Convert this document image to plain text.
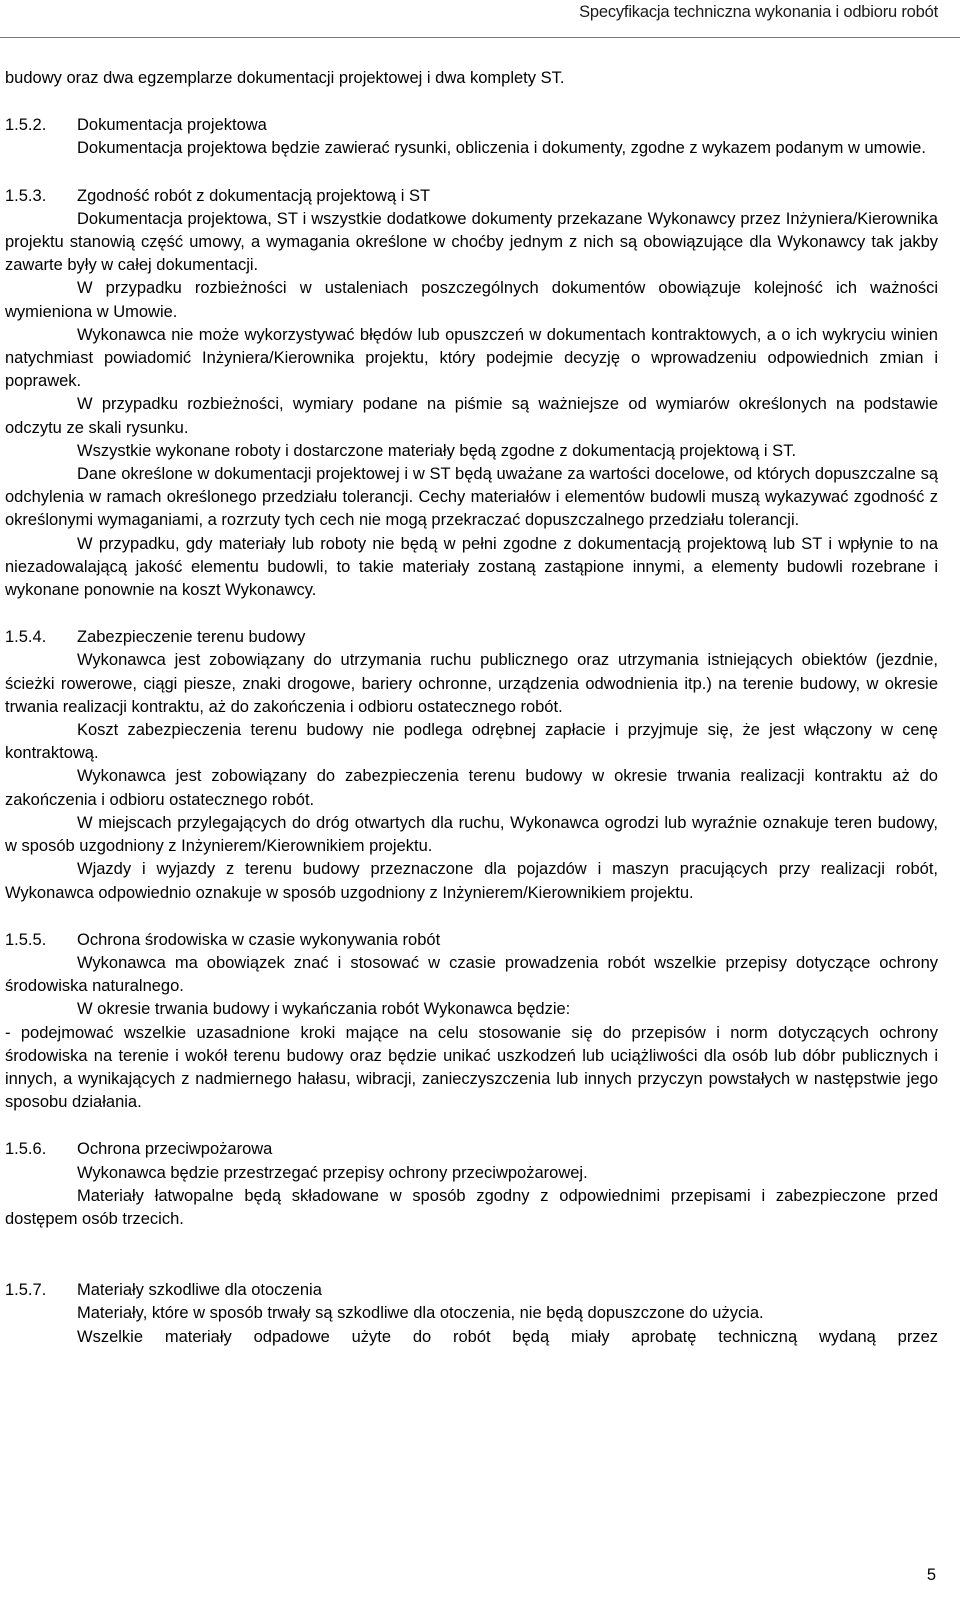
Specyfikacja techniczna wykonania i odbioru robót

budowy oraz dwa egzemplarze dokumentacji projektowej i dwa komplety ST.

1.5.2.	Dokumentacja projektowa

Dokumentacja projektowa będzie zawierać rysunki, obliczenia i dokumenty, zgodne z wykazem podanym w umowie.

1.5.3.	Zgodność robót z dokumentacją projektową i ST

Dokumentacja projektowa, ST i wszystkie dodatkowe dokumenty przekazane Wykonawcy przez Inżyniera/Kierownika projektu stanowią część umowy, a wymagania określone w choćby jednym z nich są obowiązujące dla Wykonawcy tak jakby zawarte były w całej dokumentacji.

W przypadku rozbieżności w ustaleniach poszczególnych dokumentów obowiązuje kolejność ich ważności wymieniona w Umowie.

Wykonawca nie może wykorzystywać błędów lub opuszczeń w dokumentach kontraktowych, a o ich wykryciu winien natychmiast powiadomić Inżyniera/Kierownika projektu, który podejmie decyzję o wprowadzeniu odpowiednich zmian i poprawek.

W przypadku rozbieżności, wymiary podane na piśmie są ważniejsze od wymiarów określonych na podstawie odczytu ze skali rysunku.

Wszystkie wykonane roboty i dostarczone materiały będą zgodne z dokumentacją projektową i ST.

Dane określone w dokumentacji projektowej i w ST będą uważane za wartości docelowe, od których dopuszczalne są odchylenia w ramach określonego przedziału tolerancji. Cechy materiałów i elementów budowli muszą wykazywać zgodność z określonymi wymaganiami, a rozrzuty tych cech nie mogą przekraczać dopuszczalnego przedziału tolerancji.

W przypadku, gdy materiały lub roboty nie będą w pełni zgodne z dokumentacją projektową lub ST i wpłynie to na niezadowalającą jakość elementu budowli, to takie materiały zostaną zastąpione innymi, a elementy budowli rozebrane i wykonane ponownie na koszt Wykonawcy.

1.5.4.	Zabezpieczenie terenu budowy

Wykonawca jest zobowiązany do utrzymania ruchu publicznego oraz utrzymania istniejących obiektów (jezdnie, ścieżki rowerowe, ciągi piesze, znaki drogowe, bariery ochronne, urządzenia odwodnienia itp.) na terenie budowy, w okresie trwania realizacji kontraktu, aż do zakończenia i odbioru ostatecznego robót.

Koszt zabezpieczenia terenu budowy nie podlega odrębnej zapłacie i przyjmuje się, że jest włączony w cenę kontraktową.

Wykonawca jest zobowiązany do zabezpieczenia terenu budowy w okresie trwania realizacji kontraktu aż do zakończenia i odbioru ostatecznego robót.

W miejscach przylegających do dróg otwartych dla ruchu, Wykonawca ogrodzi lub wyraźnie oznakuje teren budowy, w sposób uzgodniony z Inżynierem/Kierownikiem projektu.

Wjazdy i wyjazdy z terenu budowy przeznaczone dla pojazdów i maszyn pracujących przy realizacji robót, Wykonawca odpowiednio oznakuje w sposób uzgodniony z Inżynierem/Kierownikiem projektu.

1.5.5.	Ochrona środowiska w czasie wykonywania robót

Wykonawca ma obowiązek znać i stosować w czasie prowadzenia robót wszelkie przepisy dotyczące ochrony środowiska naturalnego.

W okresie trwania budowy i wykańczania robót Wykonawca będzie:

- podejmować wszelkie uzasadnione kroki mające na celu stosowanie się do przepisów i norm dotyczących ochrony środowiska na terenie i wokół terenu budowy oraz będzie unikać uszkodzeń lub uciążliwości dla osób lub dóbr publicznych i innych, a wynikających z nadmiernego hałasu, wibracji, zanieczyszczenia lub innych przyczyn powstałych w następstwie jego sposobu działania.

1.5.6.	Ochrona przeciwpożarowa

Wykonawca będzie przestrzegać przepisy ochrony przeciwpożarowej.

Materiały łatwopalne będą składowane w sposób zgodny z odpowiednimi przepisami i zabezpieczone przed dostępem osób trzecich.

1.5.7.	Materiały szkodliwe dla otoczenia

Materiały, które w sposób trwały są szkodliwe dla otoczenia, nie będą dopuszczone do użycia.

Wszelkie materiały odpadowe użyte do robót będą miały aprobatę techniczną wydaną przez

5
